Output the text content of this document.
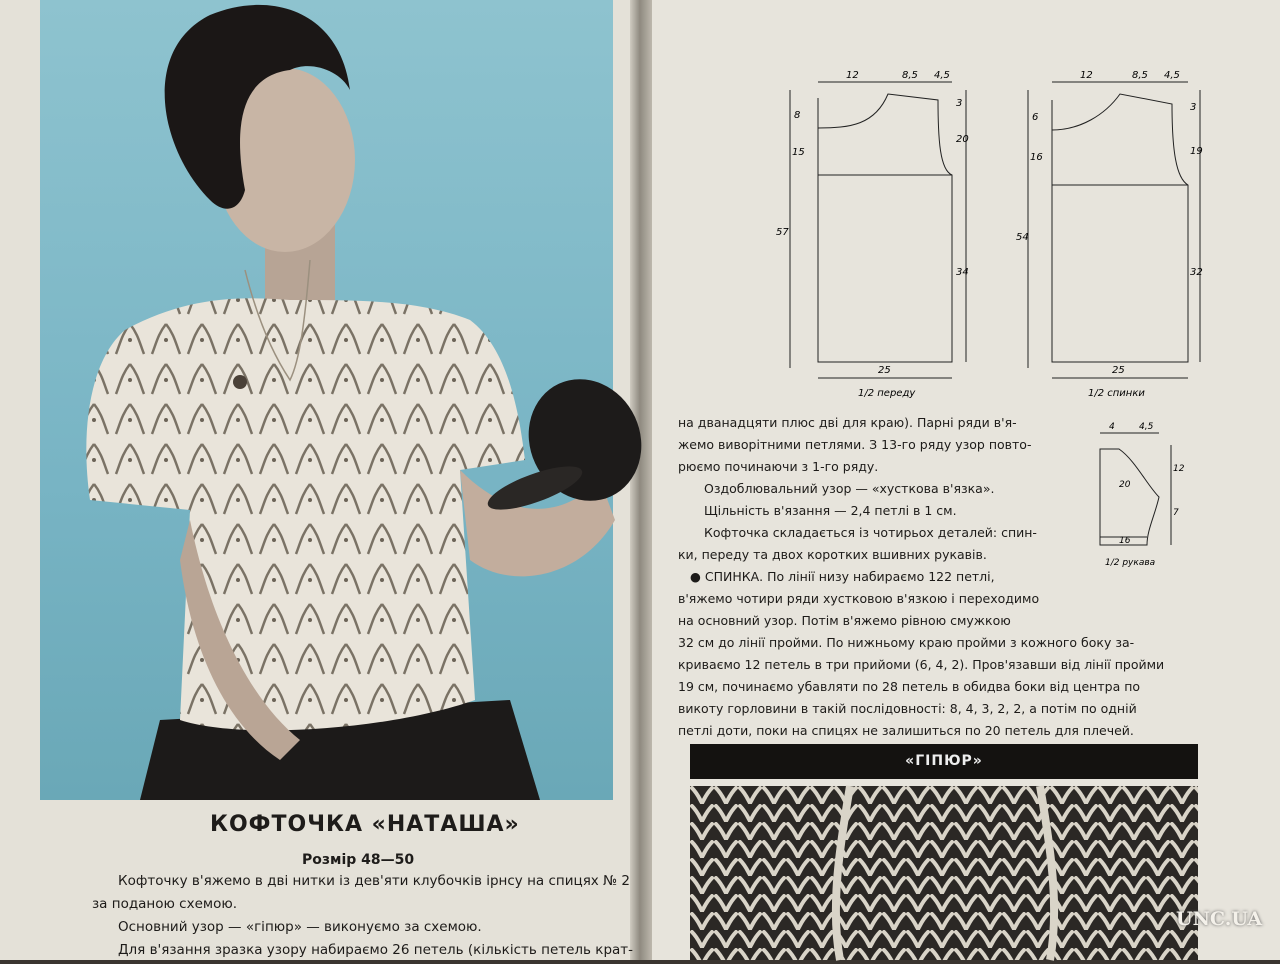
КОФТОЧКА «НАТАША»
Розмір 48—50
Кофточку в'яжемо в дві нитки із дев'яти клубочків ірнсу на спицях № 2
за поданою схемою.
Основний узор — «гіпюр» — виконуємо за схемою.
Для в'язання зразка узору набираємо 26 петель (кількість петель крат-
12	8,5 4,5
8
15
57
3
20
34
25
1/2 переду
12	8,5 4,5
6
16
54
3
19
32
25
1/2 спинки
4	4,5
20
12
7
16
1/2 рукава
на дванадцяти плюс дві для краю). Парні ряди в'я-
жемо виворітними петлями. З 13-го ряду узор повто-
рюємо починаючи з 1-го ряду.
Оздоблювальний узор — «хусткова в'язка».
Щільність в'язання — 2,4 петлі в 1 см.
Кофточка складається із чотирьох деталей: спин-
ки, переду та двох коротких вшивних рукавів.
● СПИНКА. По лінії низу набираємо 122 петлі,
в'яжемо чотири ряди хустковою в'язкою і переходимо
на основний узор. Потім в'яжемо рівною смужкою
32 см до лінії пройми. По нижньому краю пройми з кожного боку за-
криваємо 12 петель в три прийоми (6, 4, 2). Прoв'язавши від лінії пройми
19 см, починаємо убавляти по 28 петель в обидва боки від центра по
викоту горловини в такій послідовності: 8, 4, 3, 2, 2, а потім по одній
петлі доти, поки на спицях не залишиться по 20 петель для плечей.
«ГІПЮР»
UNC.UA
